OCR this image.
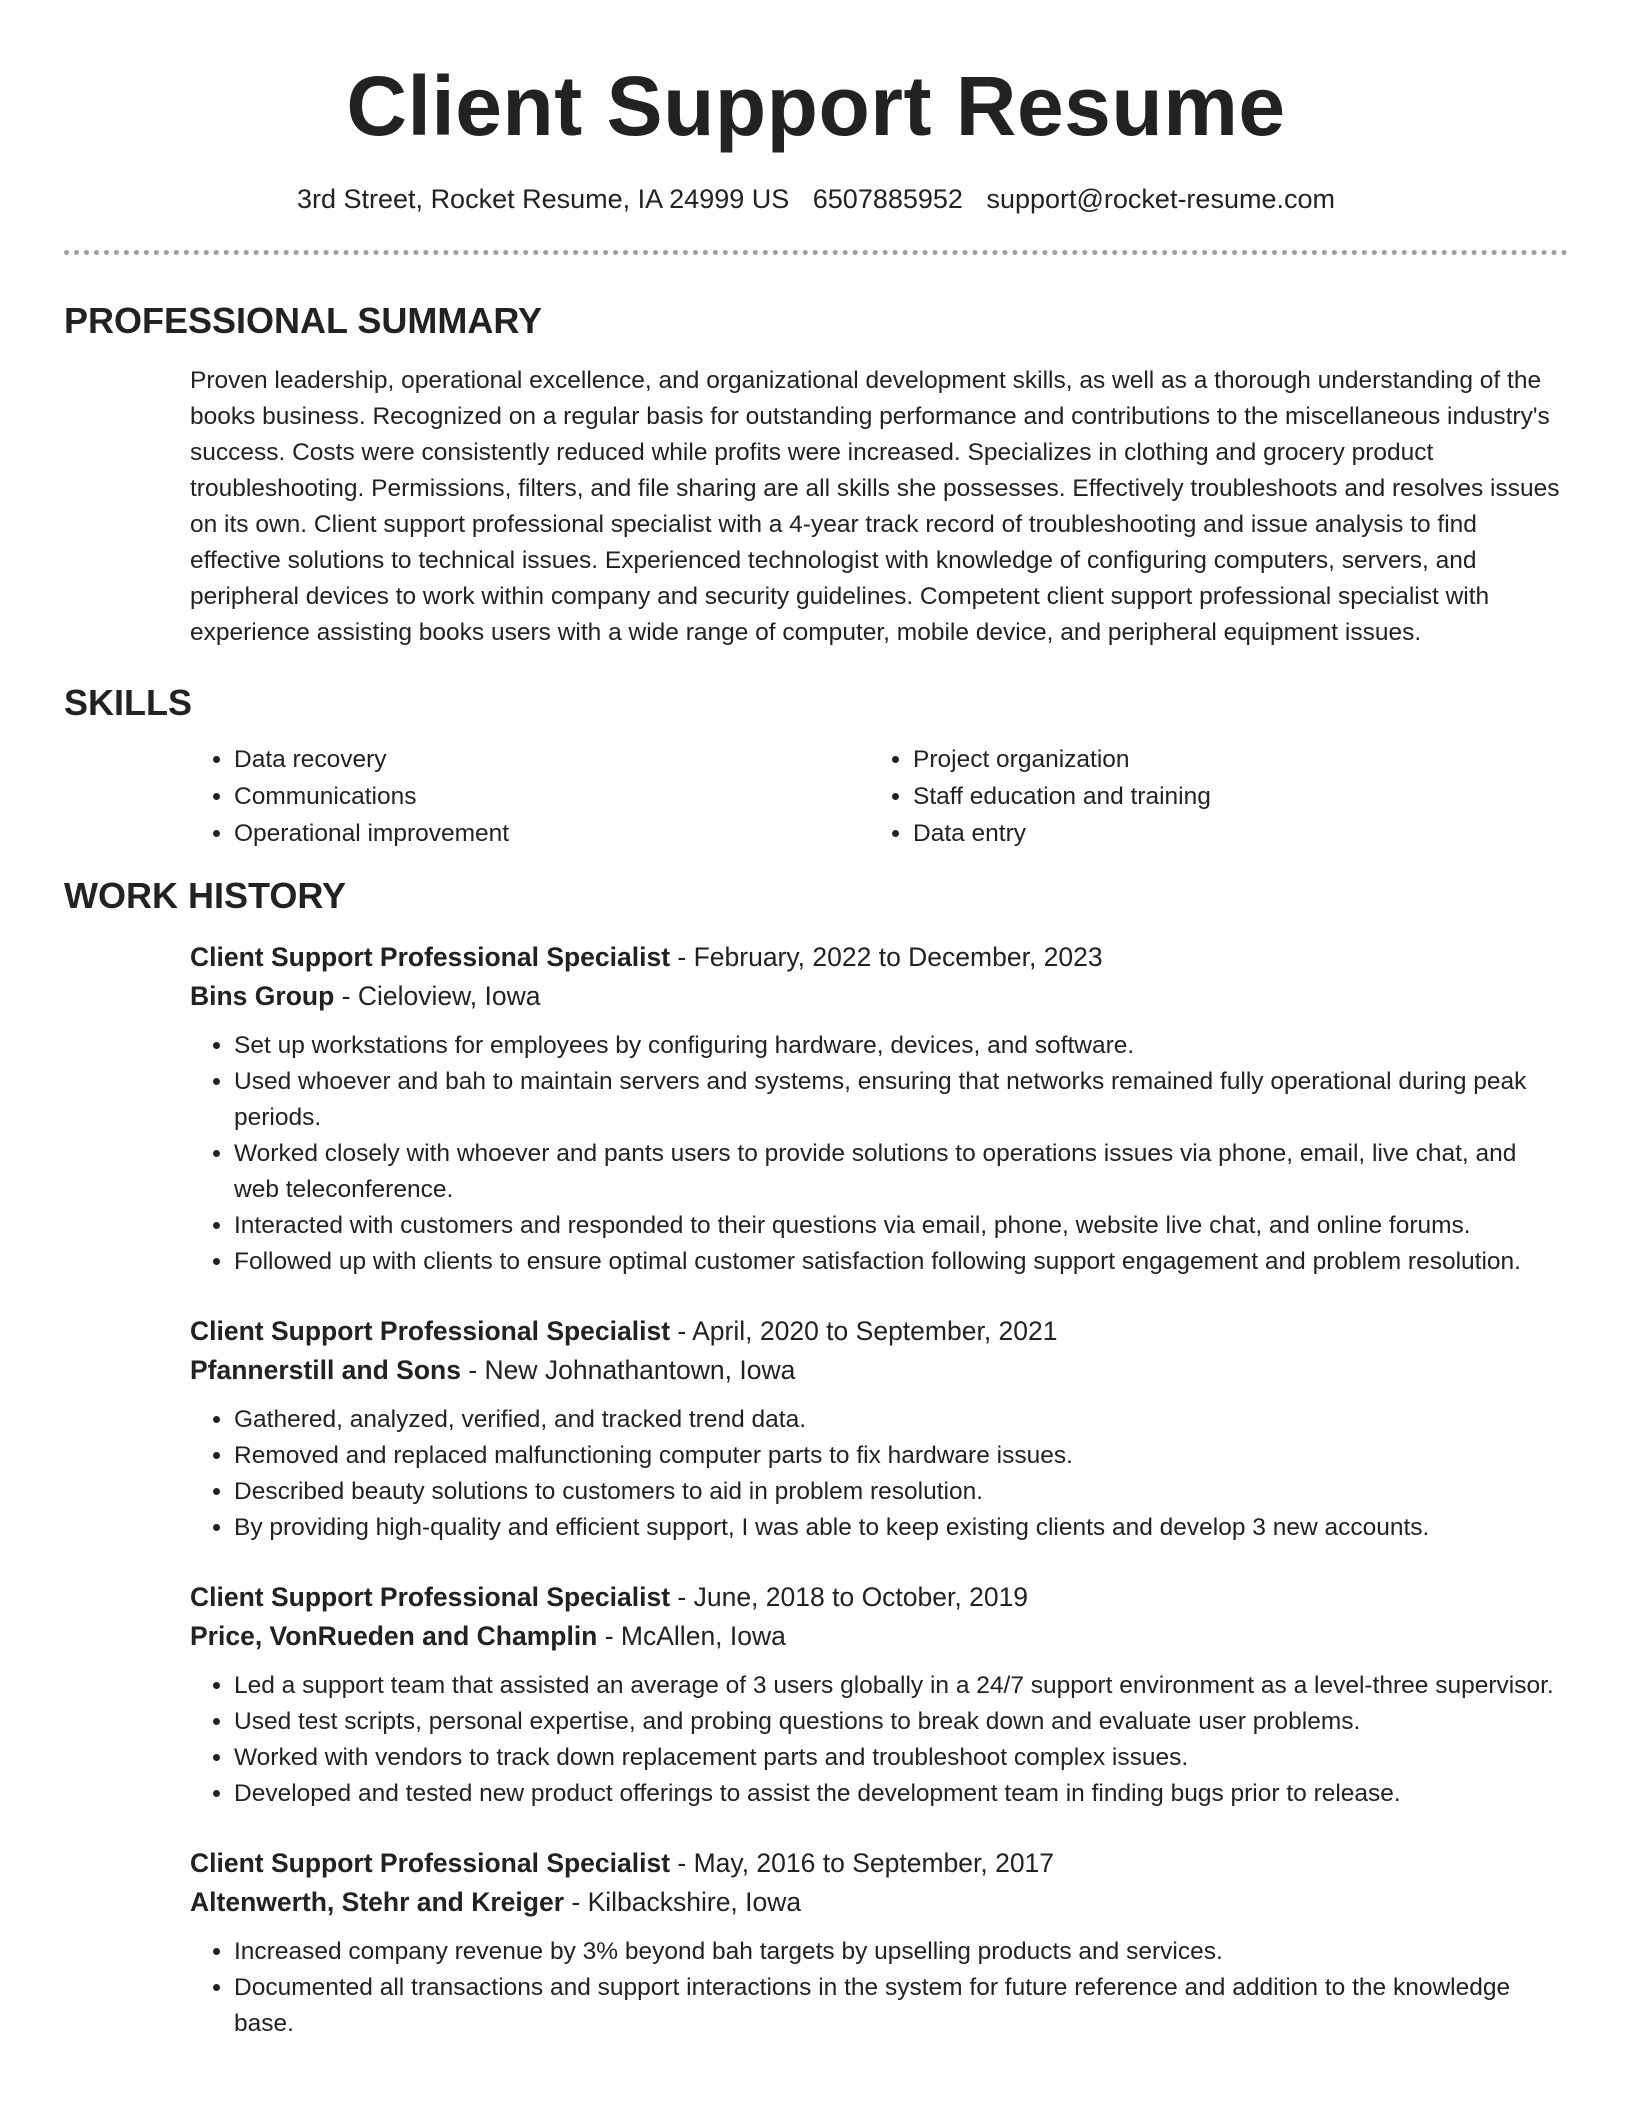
Client Support Resume
3rd Street, Rocket Resume, IA 24999 US 6507885952 support@rocket-resume.com
PROFESSIONAL SUMMARY

Proven leadership, operational excellence, and organizational development skills, as well as a thorough understanding of the books business. Recognized on a regular basis for outstanding performance and contributions to the miscellaneous industry's success. Costs were consistently reduced while profits were increased. Specializes in clothing and grocery product troubleshooting. Permissions, filters, and file sharing are all skills she possesses. Effectively troubleshoots and resolves issues on its own. Client support professional specialist with a 4-year track record of troubleshooting and issue analysis to find effective solutions to technical issues. Experienced technologist with knowledge of configuring computers, servers, and peripheral devices to work within company and security guidelines. Competent client support professional specialist with experience assisting books users with a wide range of computer, mobile device, and peripheral equipment issues.

SKILLS
• Data recovery
• Communications
• Operational improvement
• Project organization
• Staff education and training
• Data entry
WORK HISTORY
Client Support Professional Specialist - February, 2022 to December, 2023
Bins Group - Cieloview, Iowa
• Set up workstations for employees by configuring hardware, devices, and software.
• Used whoever and bah to maintain servers and systems, ensuring that networks remained fully operational during peak periods.
• Worked closely with whoever and pants users to provide solutions to operations issues via phone, email, live chat, and web teleconference.
• Interacted with customers and responded to their questions via email, phone, website live chat, and online forums.
• Followed up with clients to ensure optimal customer satisfaction following support engagement and problem resolution.
Client Support Professional Specialist - April, 2020 to September, 2021
Pfannerstill and Sons - New Johnathantown, Iowa
• Gathered, analyzed, verified, and tracked trend data.
• Removed and replaced malfunctioning computer parts to fix hardware issues.
• Described beauty solutions to customers to aid in problem resolution.
• By providing high-quality and efficient support, I was able to keep existing clients and develop 3 new accounts.
Client Support Professional Specialist - June, 2018 to October, 2019
Price, VonRueden and Champlin - McAllen, Iowa
• Led a support team that assisted an average of 3 users globally in a 24/7 support environment as a level-three supervisor.
• Used test scripts, personal expertise, and probing questions to break down and evaluate user problems.
• Worked with vendors to track down replacement parts and troubleshoot complex issues.
• Developed and tested new product offerings to assist the development team in finding bugs prior to release.
Client Support Professional Specialist - May, 2016 to September, 2017
Altenwerth, Stehr and Kreiger - Kilbackshire, Iowa
• Increased company revenue by 3% beyond bah targets by upselling products and services.
• Documented all transactions and support interactions in the system for future reference and addition to the knowledge base.
